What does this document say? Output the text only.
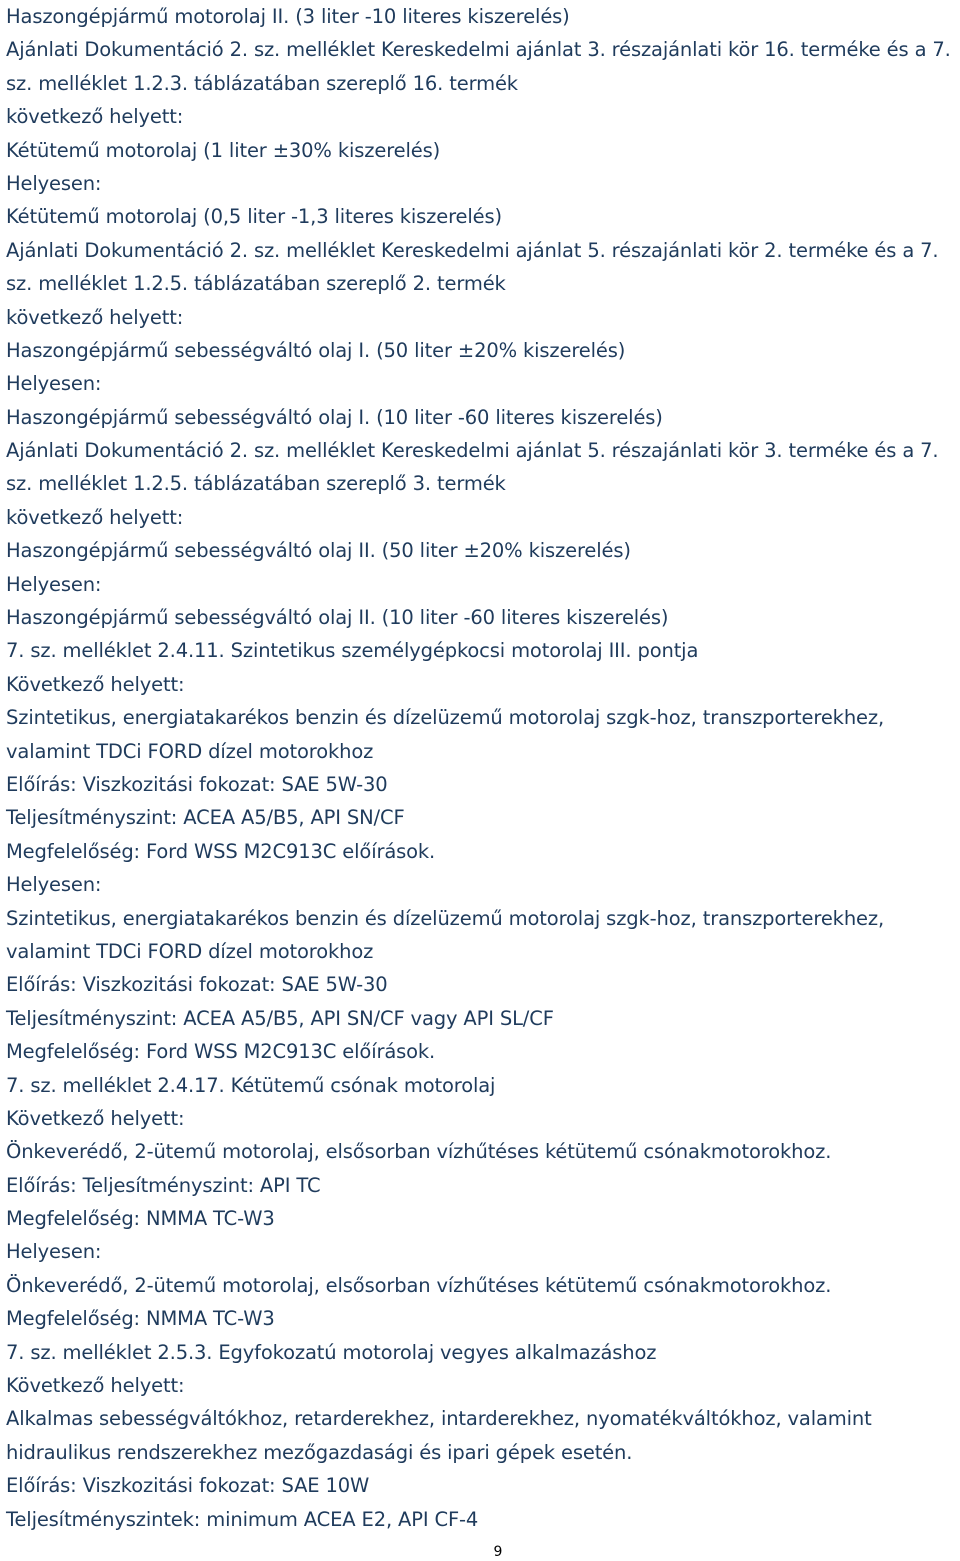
Haszongépjármű motorolaj II. (3 liter -10 literes kiszerelés)
Ajánlati Dokumentáció 2. sz. melléklet Kereskedelmi ajánlat 3. részajánlati kör 16. terméke és a 7.
sz. melléklet 1.2.3. táblázatában szereplő 16. termék
következő helyett:
Kétütemű motorolaj (1 liter ±30% kiszerelés)
Helyesen:
Kétütemű motorolaj (0,5 liter -1,3 literes kiszerelés)
Ajánlati Dokumentáció 2. sz. melléklet Kereskedelmi ajánlat 5. részajánlati kör 2. terméke és a 7.
sz. melléklet 1.2.5. táblázatában szereplő 2. termék
következő helyett:
Haszongépjármű sebességváltó olaj I. (50 liter ±20% kiszerelés)
Helyesen:
Haszongépjármű sebességváltó olaj I. (10 liter -60 literes kiszerelés)
Ajánlati Dokumentáció 2. sz. melléklet Kereskedelmi ajánlat 5. részajánlati kör 3. terméke és a 7.
sz. melléklet 1.2.5. táblázatában szereplő 3. termék
következő helyett:
Haszongépjármű sebességváltó olaj II. (50 liter ±20% kiszerelés)
Helyesen:
Haszongépjármű sebességváltó olaj II. (10 liter -60 literes kiszerelés)
7. sz. melléklet 2.4.11. Szintetikus személygépkocsi motorolaj III. pontja
Következő helyett:
Szintetikus, energiatakarékos benzin és dízelüzemű motorolaj szgk-hoz, transzporterekhez,
valamint TDCi FORD dízel motorokhoz
Előírás: Viszkozitási fokozat: SAE 5W-30
Teljesítményszint: ACEA A5/B5, API SN/CF
Megfelelőség: Ford WSS M2C913C előírások.
Helyesen:
Szintetikus, energiatakarékos benzin és dízelüzemű motorolaj szgk-hoz, transzporterekhez,
valamint TDCi FORD dízel motorokhoz
Előírás: Viszkozitási fokozat: SAE 5W-30
Teljesítményszint: ACEA A5/B5, API SN/CF vagy API SL/CF
Megfelelőség: Ford WSS M2C913C előírások.
7. sz. melléklet 2.4.17. Kétütemű csónak motorolaj
Következő helyett:
Önkeverédő, 2-ütemű motorolaj, elsősorban vízhűtéses kétütemű csónakmotorokhoz.
Előírás: Teljesítményszint: API TC
Megfelelőség: NMMA TC-W3
Helyesen:
Önkeverédő, 2-ütemű motorolaj, elsősorban vízhűtéses kétütemű csónakmotorokhoz.
Megfelelőség: NMMA TC-W3
7. sz. melléklet 2.5.3. Egyfokozatú motorolaj vegyes alkalmazáshoz
Következő helyett:
Alkalmas sebességváltókhoz, retarderekhez, intarderekhez, nyomatékváltókhoz, valamint
hidraulikus rendszerekhez mezőgazdasági és ipari gépek esetén.
Előírás: Viszkozitási fokozat: SAE 10W
Teljesítményszintek: minimum ACEA E2, API CF-4
9
